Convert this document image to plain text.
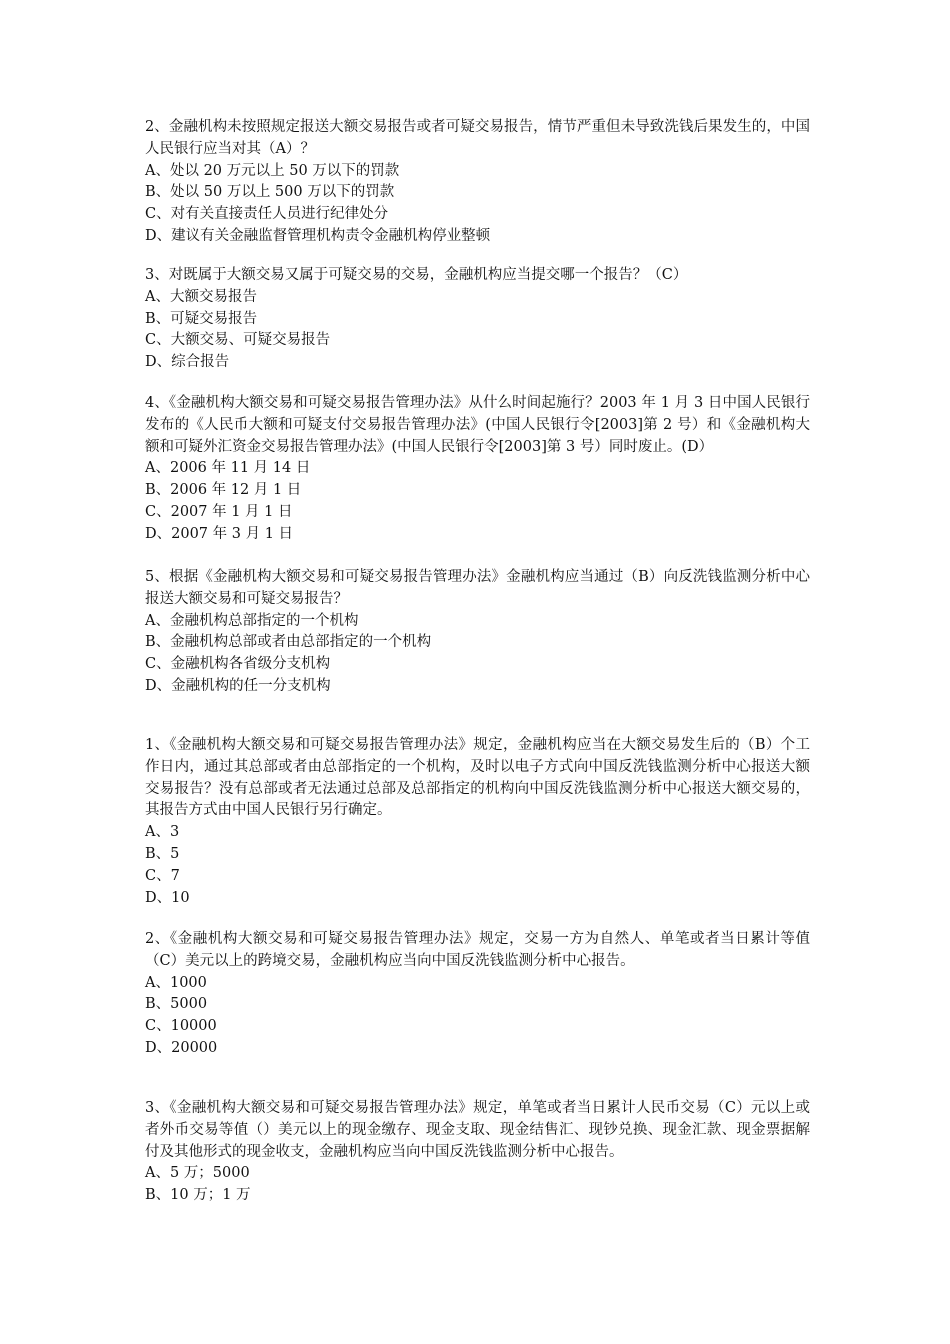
2、金融机构未按照规定报送大额交易报告或者可疑交易报告，情节严重但未导致洗钱后果发生的，中国人民银行应当对其（A）？
A、处以 20 万元以上 50 万以下的罚款
B、处以 50 万以上 500 万以下的罚款
C、对有关直接责任人员进行纪律处分
D、建议有关金融监督管理机构责令金融机构停业整顿
3、对既属于大额交易又属于可疑交易的交易，金融机构应当提交哪一个报告？（C）
A、大额交易报告
B、可疑交易报告
C、大额交易、可疑交易报告
D、综合报告
4、《金融机构大额交易和可疑交易报告管理办法》从什么时间起施行？2003 年 1 月 3 日中国人民银行发布的《人民币大额和可疑支付交易报告管理办法》(中国人民银行令[2003]第 2 号）和《金融机构大额和可疑外汇资金交易报告管理办法》(中国人民银行令[2003]第 3 号）同时废止。(D）
A、2006 年 11 月 14 日
B、2006 年 12 月 1 日
C、2007 年 1 月 1 日
D、2007 年 3 月 1 日
5、根据《金融机构大额交易和可疑交易报告管理办法》金融机构应当通过（B）向反洗钱监测分析中心报送大额交易和可疑交易报告？
A、金融机构总部指定的一个机构
B、金融机构总部或者由总部指定的一个机构
C、金融机构各省级分支机构
D、金融机构的任一分支机构
1、《金融机构大额交易和可疑交易报告管理办法》规定，金融机构应当在大额交易发生后的（B）个工作日内，通过其总部或者由总部指定的一个机构，及时以电子方式向中国反洗钱监测分析中心报送大额交易报告？没有总部或者无法通过总部及总部指定的机构向中国反洗钱监测分析中心报送大额交易的，其报告方式由中国人民银行另行确定。
A、3
B、5
C、7
D、10
2、《金融机构大额交易和可疑交易报告管理办法》规定，交易一方为自然人、单笔或者当日累计等值（C）美元以上的跨境交易，金融机构应当向中国反洗钱监测分析中心报告。
A、1000
B、5000
C、10000
D、20000
3、《金融机构大额交易和可疑交易报告管理办法》规定，单笔或者当日累计人民币交易（C）元以上或者外币交易等值（）美元以上的现金缴存、现金支取、现金结售汇、现钞兑换、现金汇款、现金票据解付及其他形式的现金收支，金融机构应当向中国反洗钱监测分析中心报告。
A、5 万；5000
B、10 万；1 万
